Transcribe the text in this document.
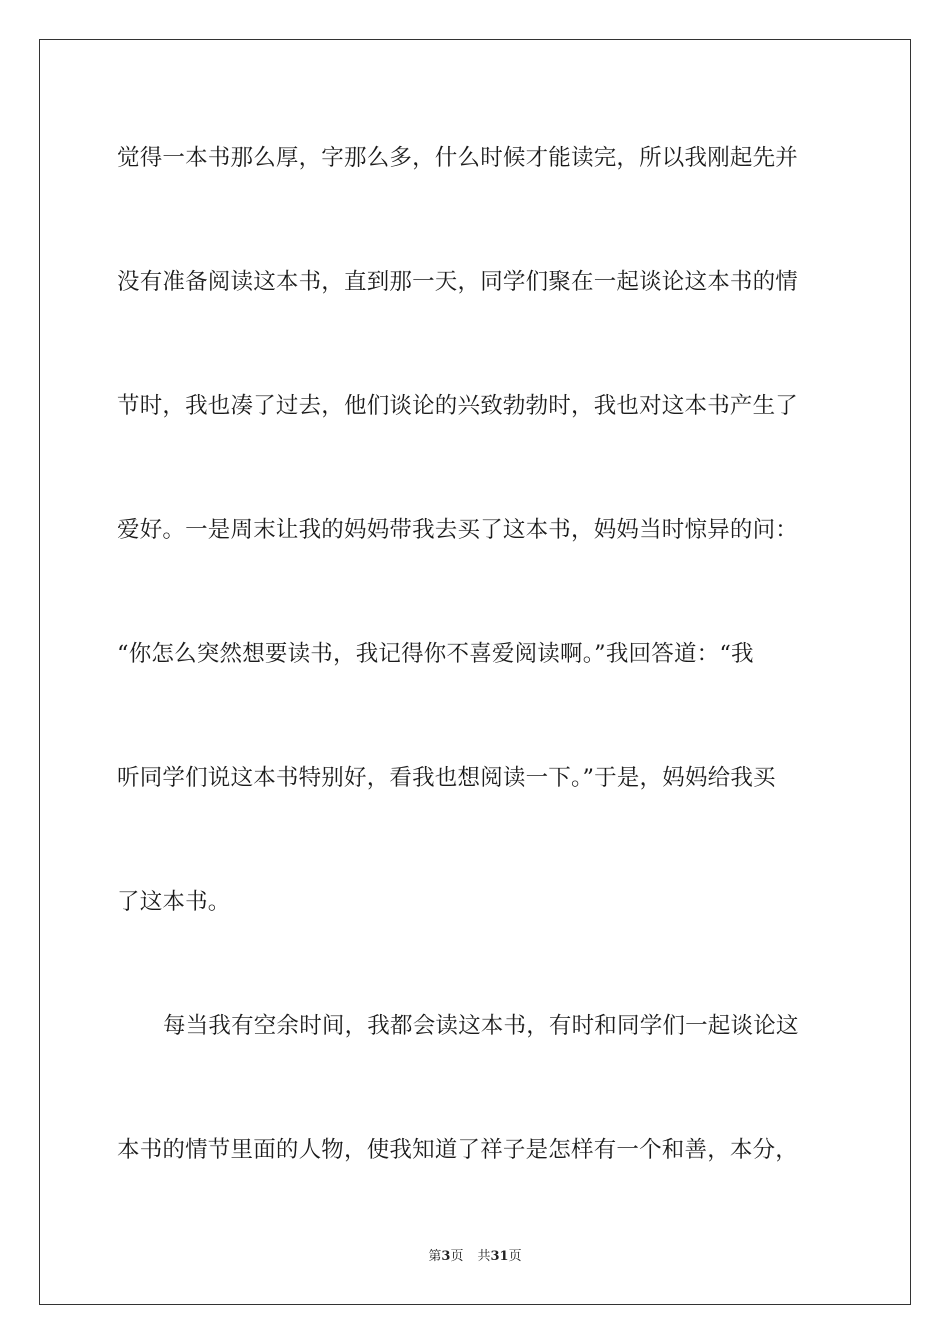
觉得一本书那么厚，字那么多，什么时候才能读完，所以我刚起先并

没有准备阅读这本书，直到那一天，同学们聚在一起谈论这本书的情

节时，我也凑了过去，他们谈论的兴致勃勃时，我也对这本书产生了

爱好。一是周末让我的妈妈带我去买了这本书，妈妈当时惊异的问：

“你怎么突然想要读书，我记得你不喜爱阅读啊。”我回答道：“我

听同学们说这本书特别好，看我也想阅读一下。”于是，妈妈给我买

了这本书。

每当我有空余时间，我都会读这本书，有时和同学们一起谈论这

本书的情节里面的人物，使我知道了祥子是怎样有一个和善，本分，

第3页 共31页
